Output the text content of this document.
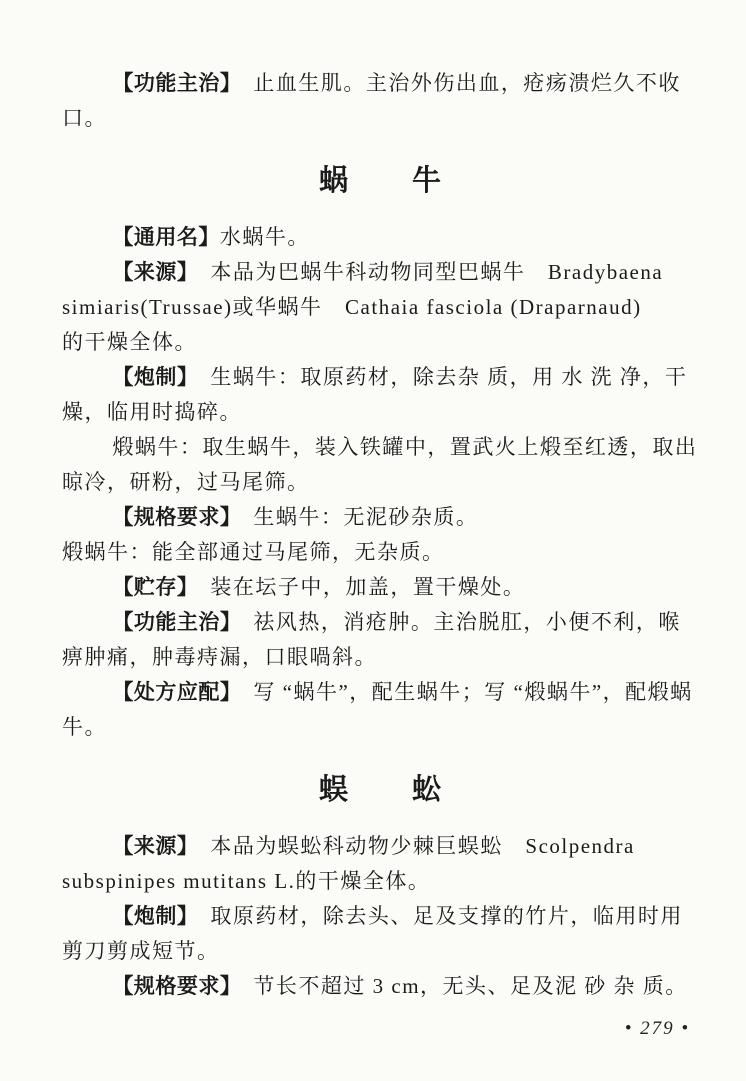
【功能主治】　止血生肌。主治外伤出血，疮疡溃烂久不收

口。

蜗　　牛

【通用名】水蜗牛。

【来源】　本品为巴蜗牛科动物同型巴蜗牛　Bradybaena

simiaris(Trussae)或华蜗牛　Cathaia fasciola (Draparnaud)

的干燥全体。

【炮制】　生蜗牛：取原药材，除去杂 质，用 水 洗 净，干

燥，临用时捣碎。

煅蜗牛：取生蜗牛，装入铁罐中，置武火上煅至红透，取出

晾冷，研粉，过马尾筛。

【规格要求】　生蜗牛：无泥砂杂质。

煅蜗牛：能全部通过马尾筛，无杂质。

【贮存】　装在坛子中，加盖，置干燥处。

【功能主治】　祛风热，消疮肿。主治脱肛，小便不利，喉

痹肿痛，肿毒痔漏，口眼喎斜。

【处方应配】　写 “蜗牛”，配生蜗牛；写 “煅蜗牛”，配煅蜗

牛。

蜈　　蚣

【来源】　本品为蜈蚣科动物少棘巨蜈蚣　Scolpendra

subspinipes mutitans L.的干燥全体。

【炮制】　取原药材，除去头、足及支撑的竹片，临用时用

剪刀剪成短节。

【规格要求】　节长不超过 3 cm，无头、足及泥 砂 杂 质。

• 279 •
